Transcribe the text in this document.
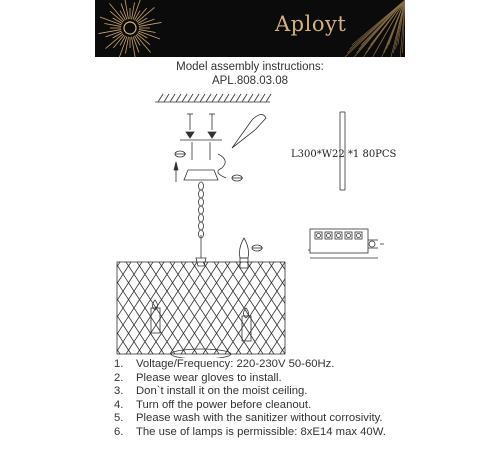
Aployt
Model assembly instructions:
APL.808.03.08
L300*W22 *1 80PCS
1. Voltage/Frequency: 220-230V 50-60Hz.
2. Please wear gloves to install.
3. Don`t install it on the moist ceiling.
4. Turn off the power before cleanout.
5. Please wash with the sanitizer without corrosivity.
6. The use of lamps is permissible: 8xE14 max 40W.
